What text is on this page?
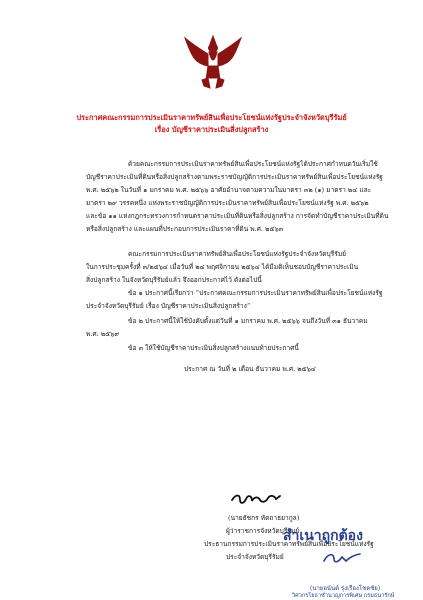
ประกาศคณะกรรมการประเมินราคาทรัพย์สินเพื่อประโยชน์แห่งรัฐประจำจังหวัดบุรีรัมย์
เรื่อง บัญชีราคาประเมินสิ่งปลูกสร้าง
ด้วยคณะกรรมการประเมินราคาทรัพย์สินเพื่อประโยชน์แห่งรัฐได้ประกาศกำหนดวันเริ่มใช้
บัญชีราคาประเมินที่ดินหรือสิ่งปลูกสร้างตามพระราชบัญญัติการประเมินราคาทรัพย์สินเพื่อประโยชน์แห่งรัฐ
พ.ศ. ๒๕๖๒ ในวันที่ ๑ มกราคม พ.ศ. ๒๕๖๖ อาศัยอำนาจตามความในมาตรา ๓๒ (๑) มาตรา ๒๔ และ
มาตรา ๒๙ วรรคหนึ่ง แห่งพระราชบัญญัติการประเมินราคาทรัพย์สินเพื่อประโยชน์แห่งรัฐ พ.ศ. ๒๕๖๒
และข้อ ๑๑ แห่งกฎกระทรวงการกำหนดราคาประเมินที่ดินหรือสิ่งปลูกสร้าง การจัดทำบัญชีราคาประเมินที่ดิน
หรือสิ่งปลูกสร้าง และแผนที่ประกอบการประเมินราคาที่ดิน พ.ศ. ๒๕๖๓
คณะกรรมการประเมินราคาทรัพย์สินเพื่อประโยชน์แห่งรัฐประจำจังหวัดบุรีรัมย์
ในการประชุมครั้งที่ ๓/๒๕๖๔ เมื่อวันที่ ๒๔ พฤศจิกายน ๒๕๖๔ ได้มีมติเห็นชอบบัญชีราคาประเมิน
สิ่งปลูกสร้าง ในจังหวัดบุรีรัมย์แล้ว จึงออกประกาศไว้ ดังต่อไปนี้
ข้อ ๑ ประกาศนี้เรียกว่า “ประกาศคณะกรรมการประเมินราคาทรัพย์สินเพื่อประโยชน์แห่งรัฐ
ประจำจังหวัดบุรีรัมย์ เรื่อง บัญชีราคาประเมินสิ่งปลูกสร้าง”
ข้อ ๒ ประกาศนี้ให้ใช้บังคับตั้งแต่วันที่ ๑ มกราคม พ.ศ. ๒๕๖๖ จนถึงวันที่ ๓๑ ธันวาคม
พ.ศ. ๒๕๖๙
ข้อ ๓ ให้ใช้บัญชีราคาประเมินสิ่งปลูกสร้างแนบท้ายประกาศนี้
ประกาศ ณ วันที่ ๒ เดือน ธันวาคม พ.ศ. ๒๕๖๔
(นายธัชกร หัตถาธยากูล)
ผู้ว่าราชการจังหวัดบุรีรัมย์
ประธานกรรมการประเมินราคาทรัพย์สินเพื่อประโยชน์แห่งรัฐ
ประจำจังหวัดบุรีรัมย์
สำเนาถูกต้อง
(นายอนันต์ รุ่งเรืองโชคชัย)
วิศวกรโยธาชำนาญการพิเศษ กรมธนารักษ์
